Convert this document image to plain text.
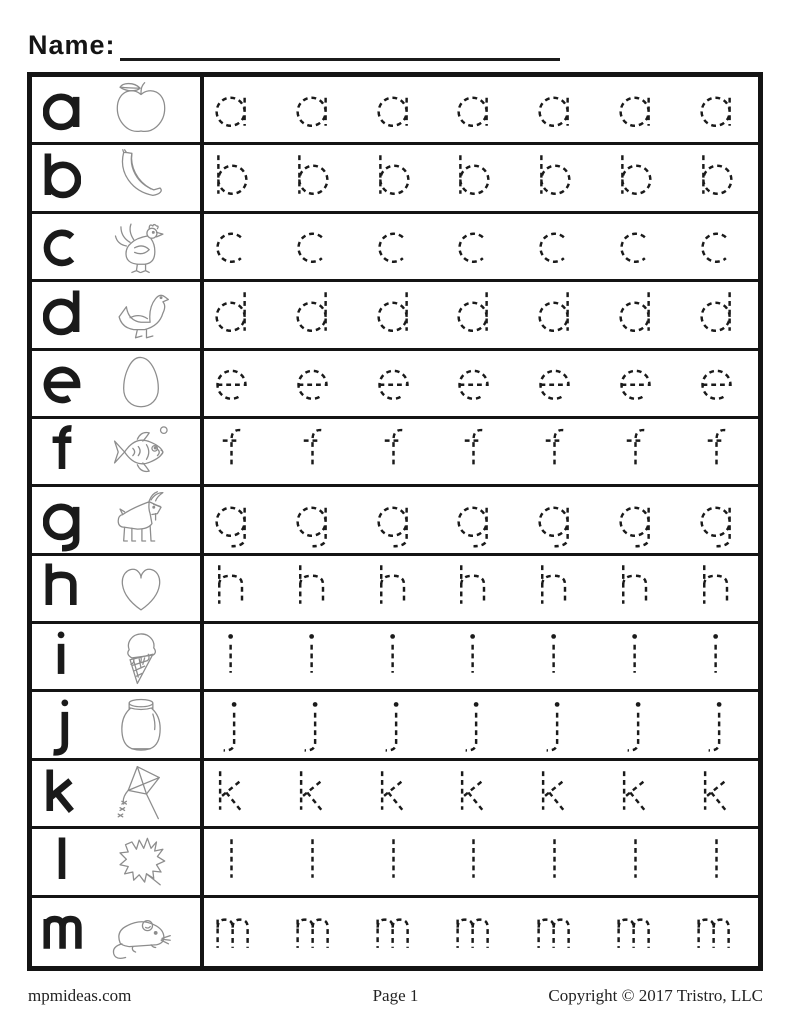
Name:
mpmideas.com	Page 1	Copyright © 2017 Tristro, LLC
